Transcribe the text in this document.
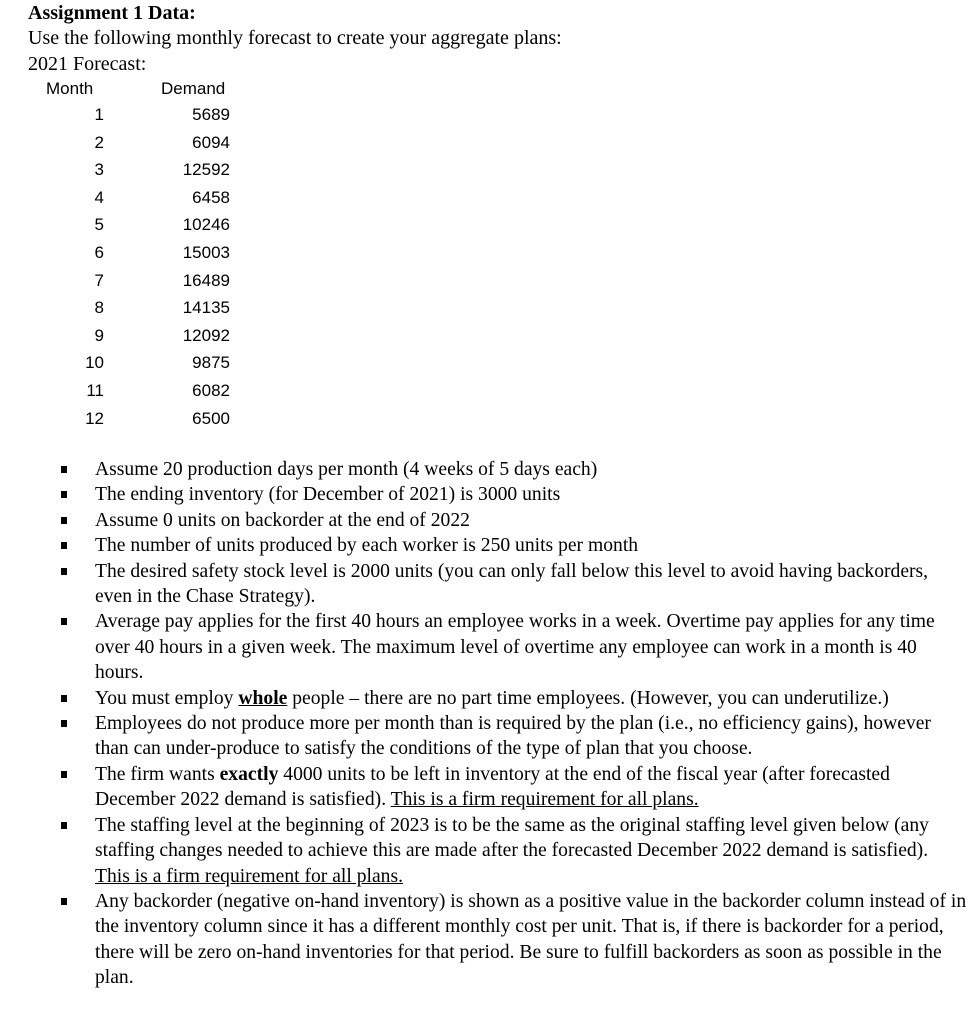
Assignment 1 Data:
Use the following monthly forecast to create your aggregate plans:
2021 Forecast:
Month	Demand
1	5689
2	6094
3	12592
4	6458
5	10246
6	15003
7	16489
8	14135
9	12092
10	9875
11	6082
12	6500
Assume 20 production days per month (4 weeks of 5 days each)
The ending inventory (for December of 2021) is 3000 units
Assume 0 units on backorder at the end of 2022
The number of units produced by each worker is 250 units per month
The desired safety stock level is 2000 units (you can only fall below this level to avoid having backorders, even in the Chase Strategy).
Average pay applies for the first 40 hours an employee works in a week. Overtime pay applies for any time over 40 hours in a given week. The maximum level of overtime any employee can work in a month is 40 hours.
You must employ whole people – there are no part time employees. (However, you can underutilize.)
Employees do not produce more per month than is required by the plan (i.e., no efficiency gains), however than can under-produce to satisfy the conditions of the type of plan that you choose.
The firm wants exactly 4000 units to be left in inventory at the end of the fiscal year (after forecasted December 2022 demand is satisfied). This is a firm requirement for all plans.
The staffing level at the beginning of 2023 is to be the same as the original staffing level given below (any staffing changes needed to achieve this are made after the forecasted December 2022 demand is satisfied).  This is a firm requirement for all plans.
Any backorder (negative on-hand inventory) is shown as a positive value in the backorder column instead of in the inventory column since it has a different monthly cost per unit. That is, if there is backorder for a period, there will be zero on-hand inventories for that period. Be sure to fulfill backorders as soon as possible in the plan.
